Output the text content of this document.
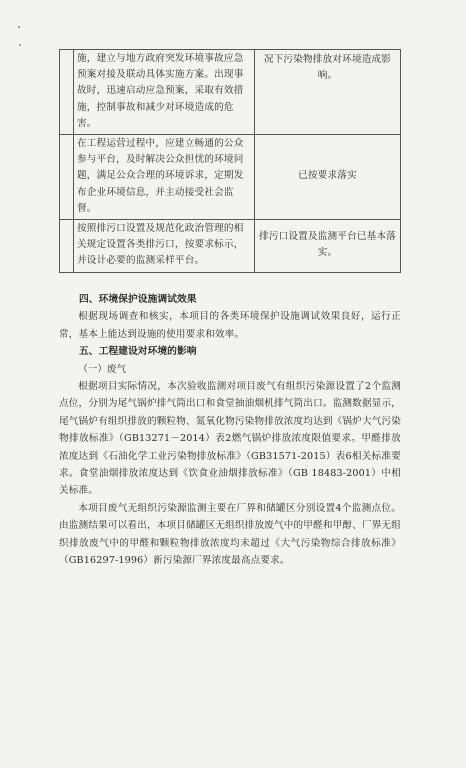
	施，建立与地方政府突发环境事故应急预案对接及联动具体实施方案。出现事故时，迅速启动应急预案，采取有效措施，控制事故和减少对环境造成的危害。	况下污染物排放对环境造成影响。
	在工程运营过程中，应建立畅通的公众参与平台，及时解决公众担忧的环境问题，满足公众合理的环境诉求，定期发布企业环境信息，并主动接受社会监督。	已按要求落实
	按照排污口设置及规范化政治管理的相关规定设置各类排污口，按要求标示，并设计必要的监测采样平台。	排污口设置及监测平台已基本落实。
四、环境保护设施调试效果
根据现场调查和核实，本项目的各类环境保护设施调试效果良好，运行正常，基本上能达到设施的使用要求和效率。
五、工程建设对环境的影响
（一）废气
根据项目实际情况，本次验收监测对项目废气有组织污染源设置了2个监测点位，分别为尾气锅炉排气筒出口和食堂抽油烟机排气筒出口。监测数据显示，尾气锅炉有组织排放的颗粒物、氮氧化物污染物排放浓度均达到《锅炉大气污染物排放标准》（GB13271－2014）表2燃气锅炉排放浓度限值要求。甲醛排放浓度达到《石油化学工业污染物排放标准》（GB31571-2015）表6相关标准要求。食堂油烟排放浓度达到《饮食业油烟排放标准》（GB 18483-2001）中相关标准。
本项目废气无组织污染源监测主要在厂界和储罐区分别设置4个监测点位。由监测结果可以看出，本项目储罐区无组织排放废气中的甲醛和甲醇、厂界无组织排放废气中的甲醛和颗粒物排放浓度均未超过《大气污染物综合排放标准》（GB16297-1996）新污染源厂界浓度最高点要求。
